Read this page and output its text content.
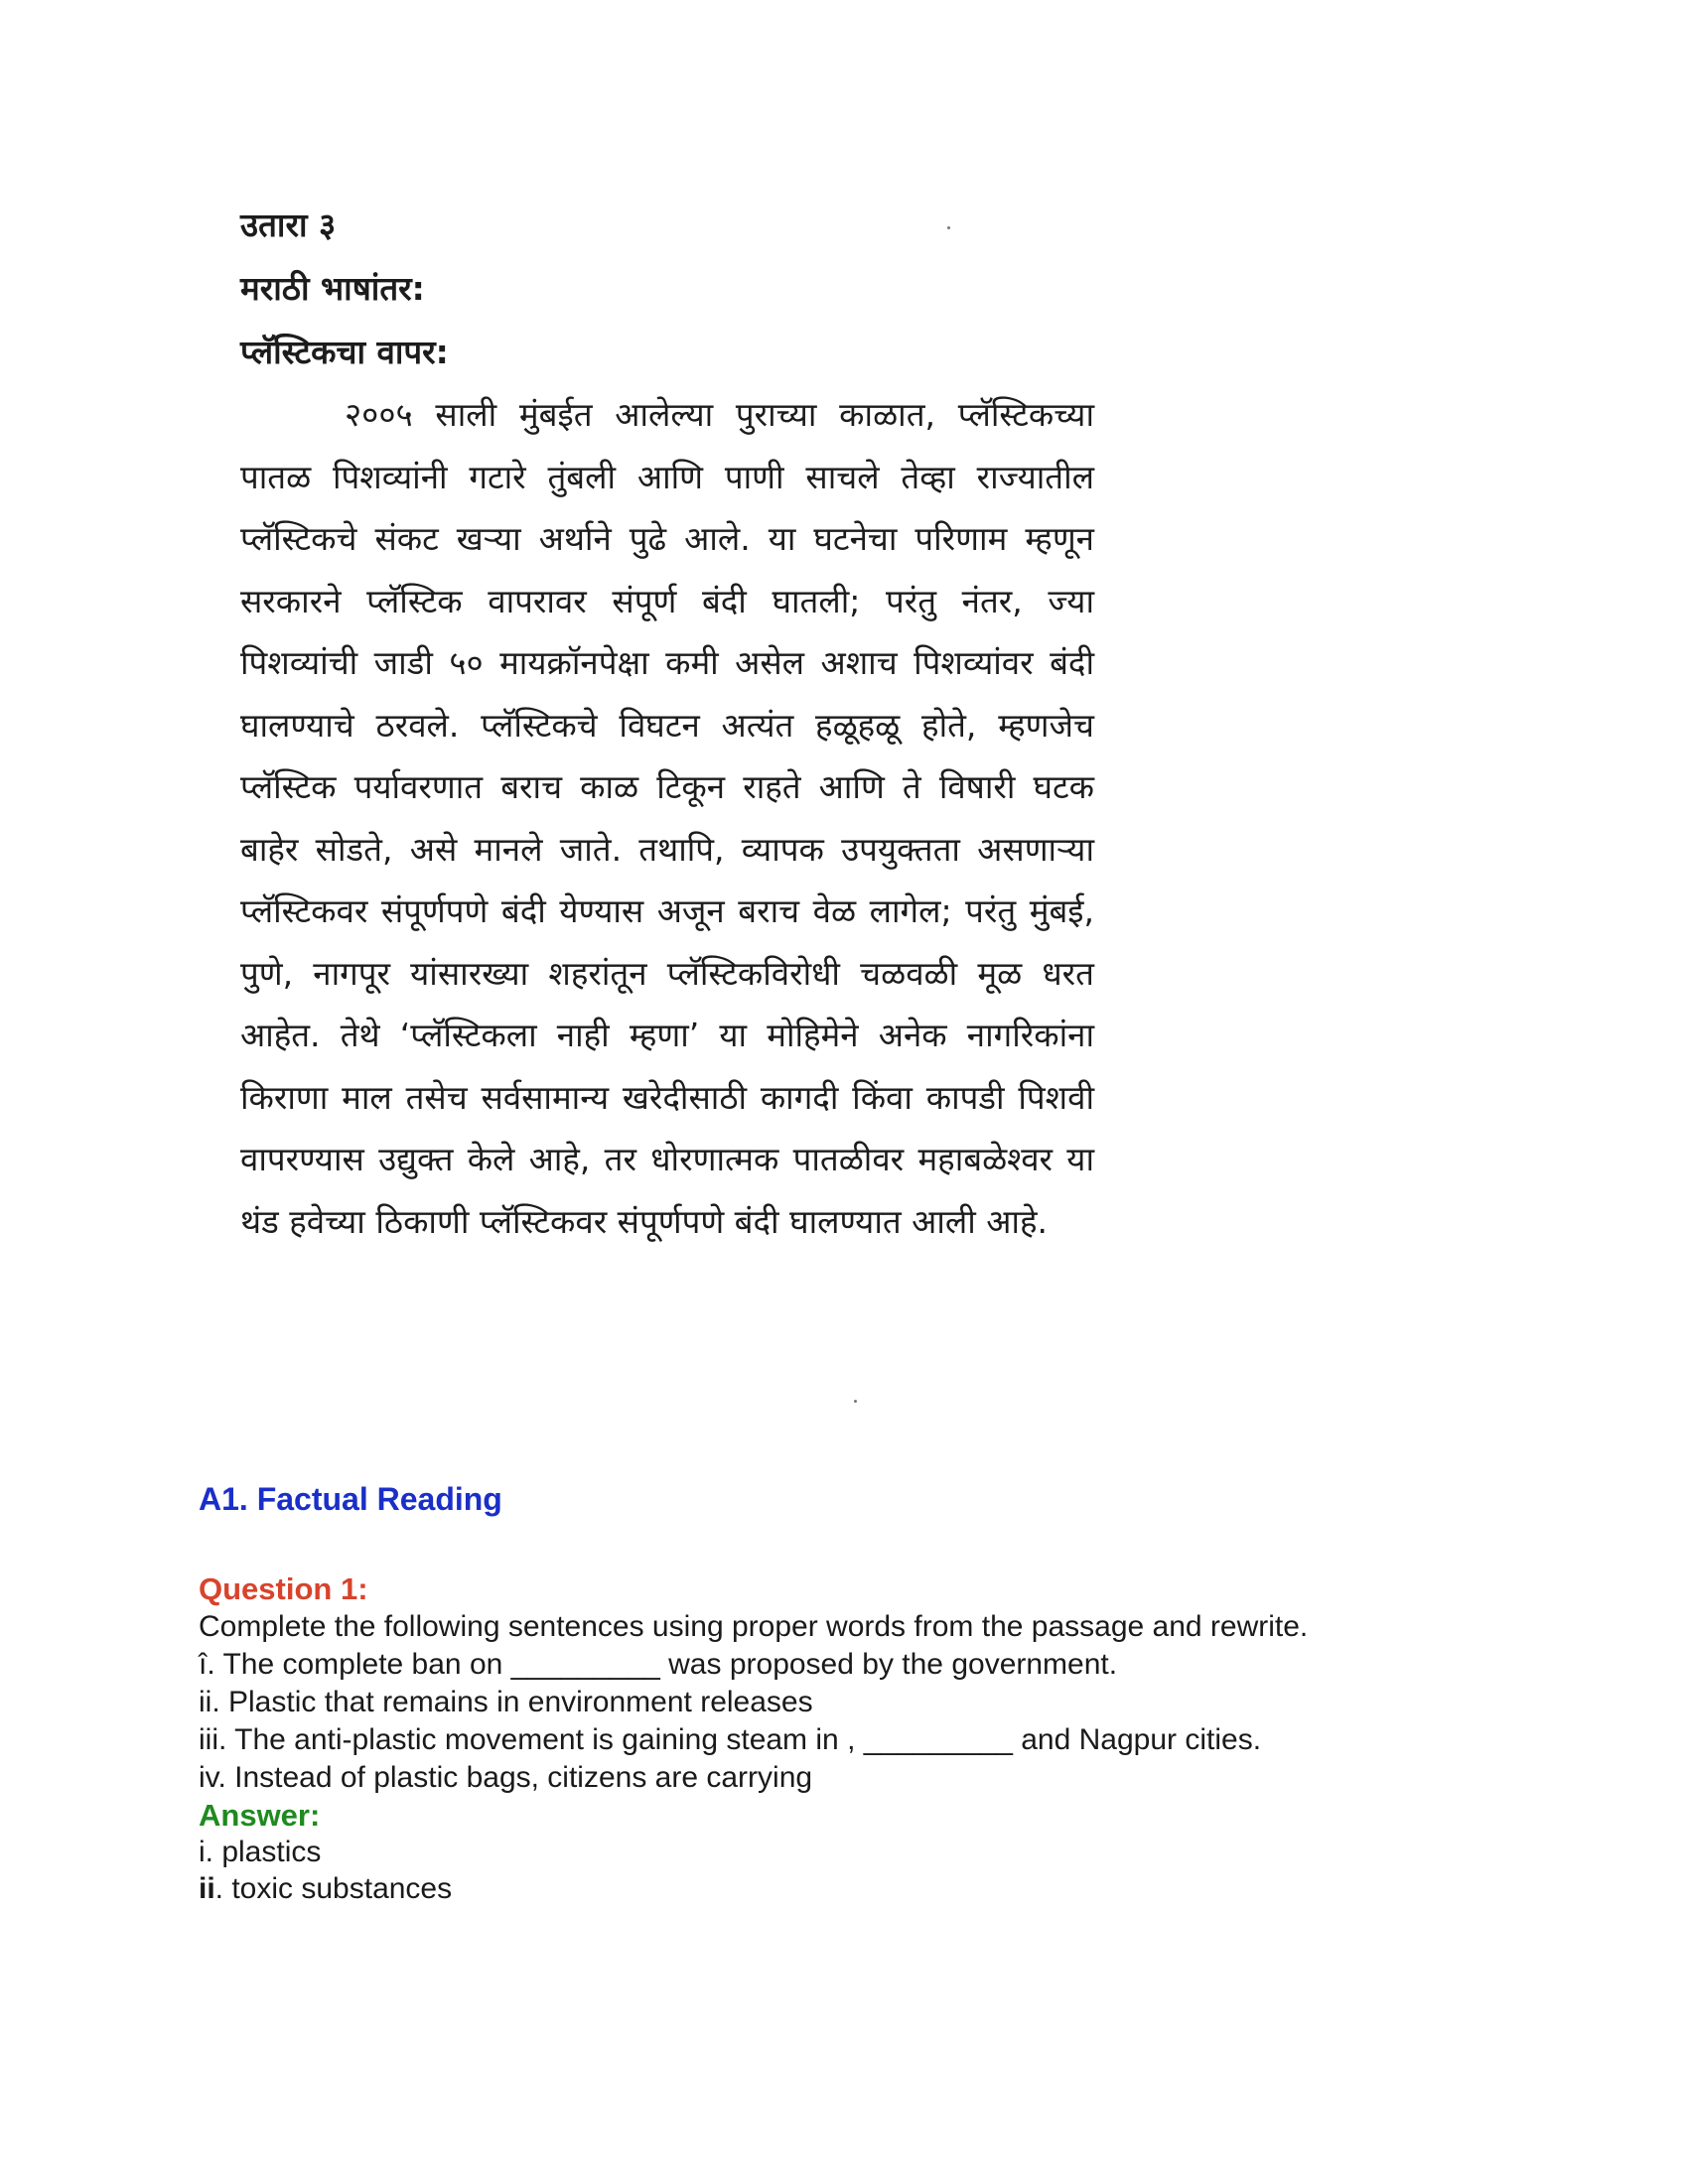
उतारा ३
मराठी भाषांतर:
प्लॅस्टिकचा वापर:
२००५ साली मुंबईत आलेल्या पुराच्या काळात, प्लॅस्टिकच्या पातळ पिशव्यांनी गटारे तुंबली आणि पाणी साचले तेव्हा राज्यातील प्लॅस्टिकचे संकट खऱ्या अर्थाने पुढे आले. या घटनेचा परिणाम म्हणून सरकारने प्लॅस्टिक वापरावर संपूर्ण बंदी घातली; परंतु नंतर, ज्या पिशव्यांची जाडी ५० मायक्रॉनपेक्षा कमी असेल अशाच पिशव्यांवर बंदी घालण्याचे ठरवले. प्लॅस्टिकचे विघटन अत्यंत हळूहळू होते, म्हणजेच प्लॅस्टिक पर्यावरणात बराच काळ टिकून राहते आणि ते विषारी घटक बाहेर सोडते, असे मानले जाते. तथापि, व्यापक उपयुक्तता असणाऱ्या प्लॅस्टिकवर संपूर्णपणे बंदी येण्यास अजून बराच वेळ लागेल; परंतु मुंबई, पुणे, नागपूर यांसारख्या शहरांतून प्लॅस्टिकविरोधी चळवळी मूळ धरत आहेत. तेथे ‘प्लॅस्टिकला नाही म्हणा’ या मोहिमेने अनेक नागरिकांना किराणा माल तसेच सर्वसामान्य खरेदीसाठी कागदी किंवा कापडी पिशवी वापरण्यास उद्युक्त केले आहे, तर धोरणात्मक पातळीवर महाबळेश्वर या थंड हवेच्या ठिकाणी प्लॅस्टिकवर संपूर्णपणे बंदी घालण्यात आली आहे.
A1. Factual Reading
Question 1:
Complete the following sentences using proper words from the passage and rewrite.
î. The complete ban on _________ was proposed by the government.
ii. Plastic that remains in environment releases
iii. The anti-plastic movement is gaining steam in , _________ and Nagpur cities.
iv. Instead of plastic bags, citizens are carrying
Answer:
i. plastics
ii. toxic substances
